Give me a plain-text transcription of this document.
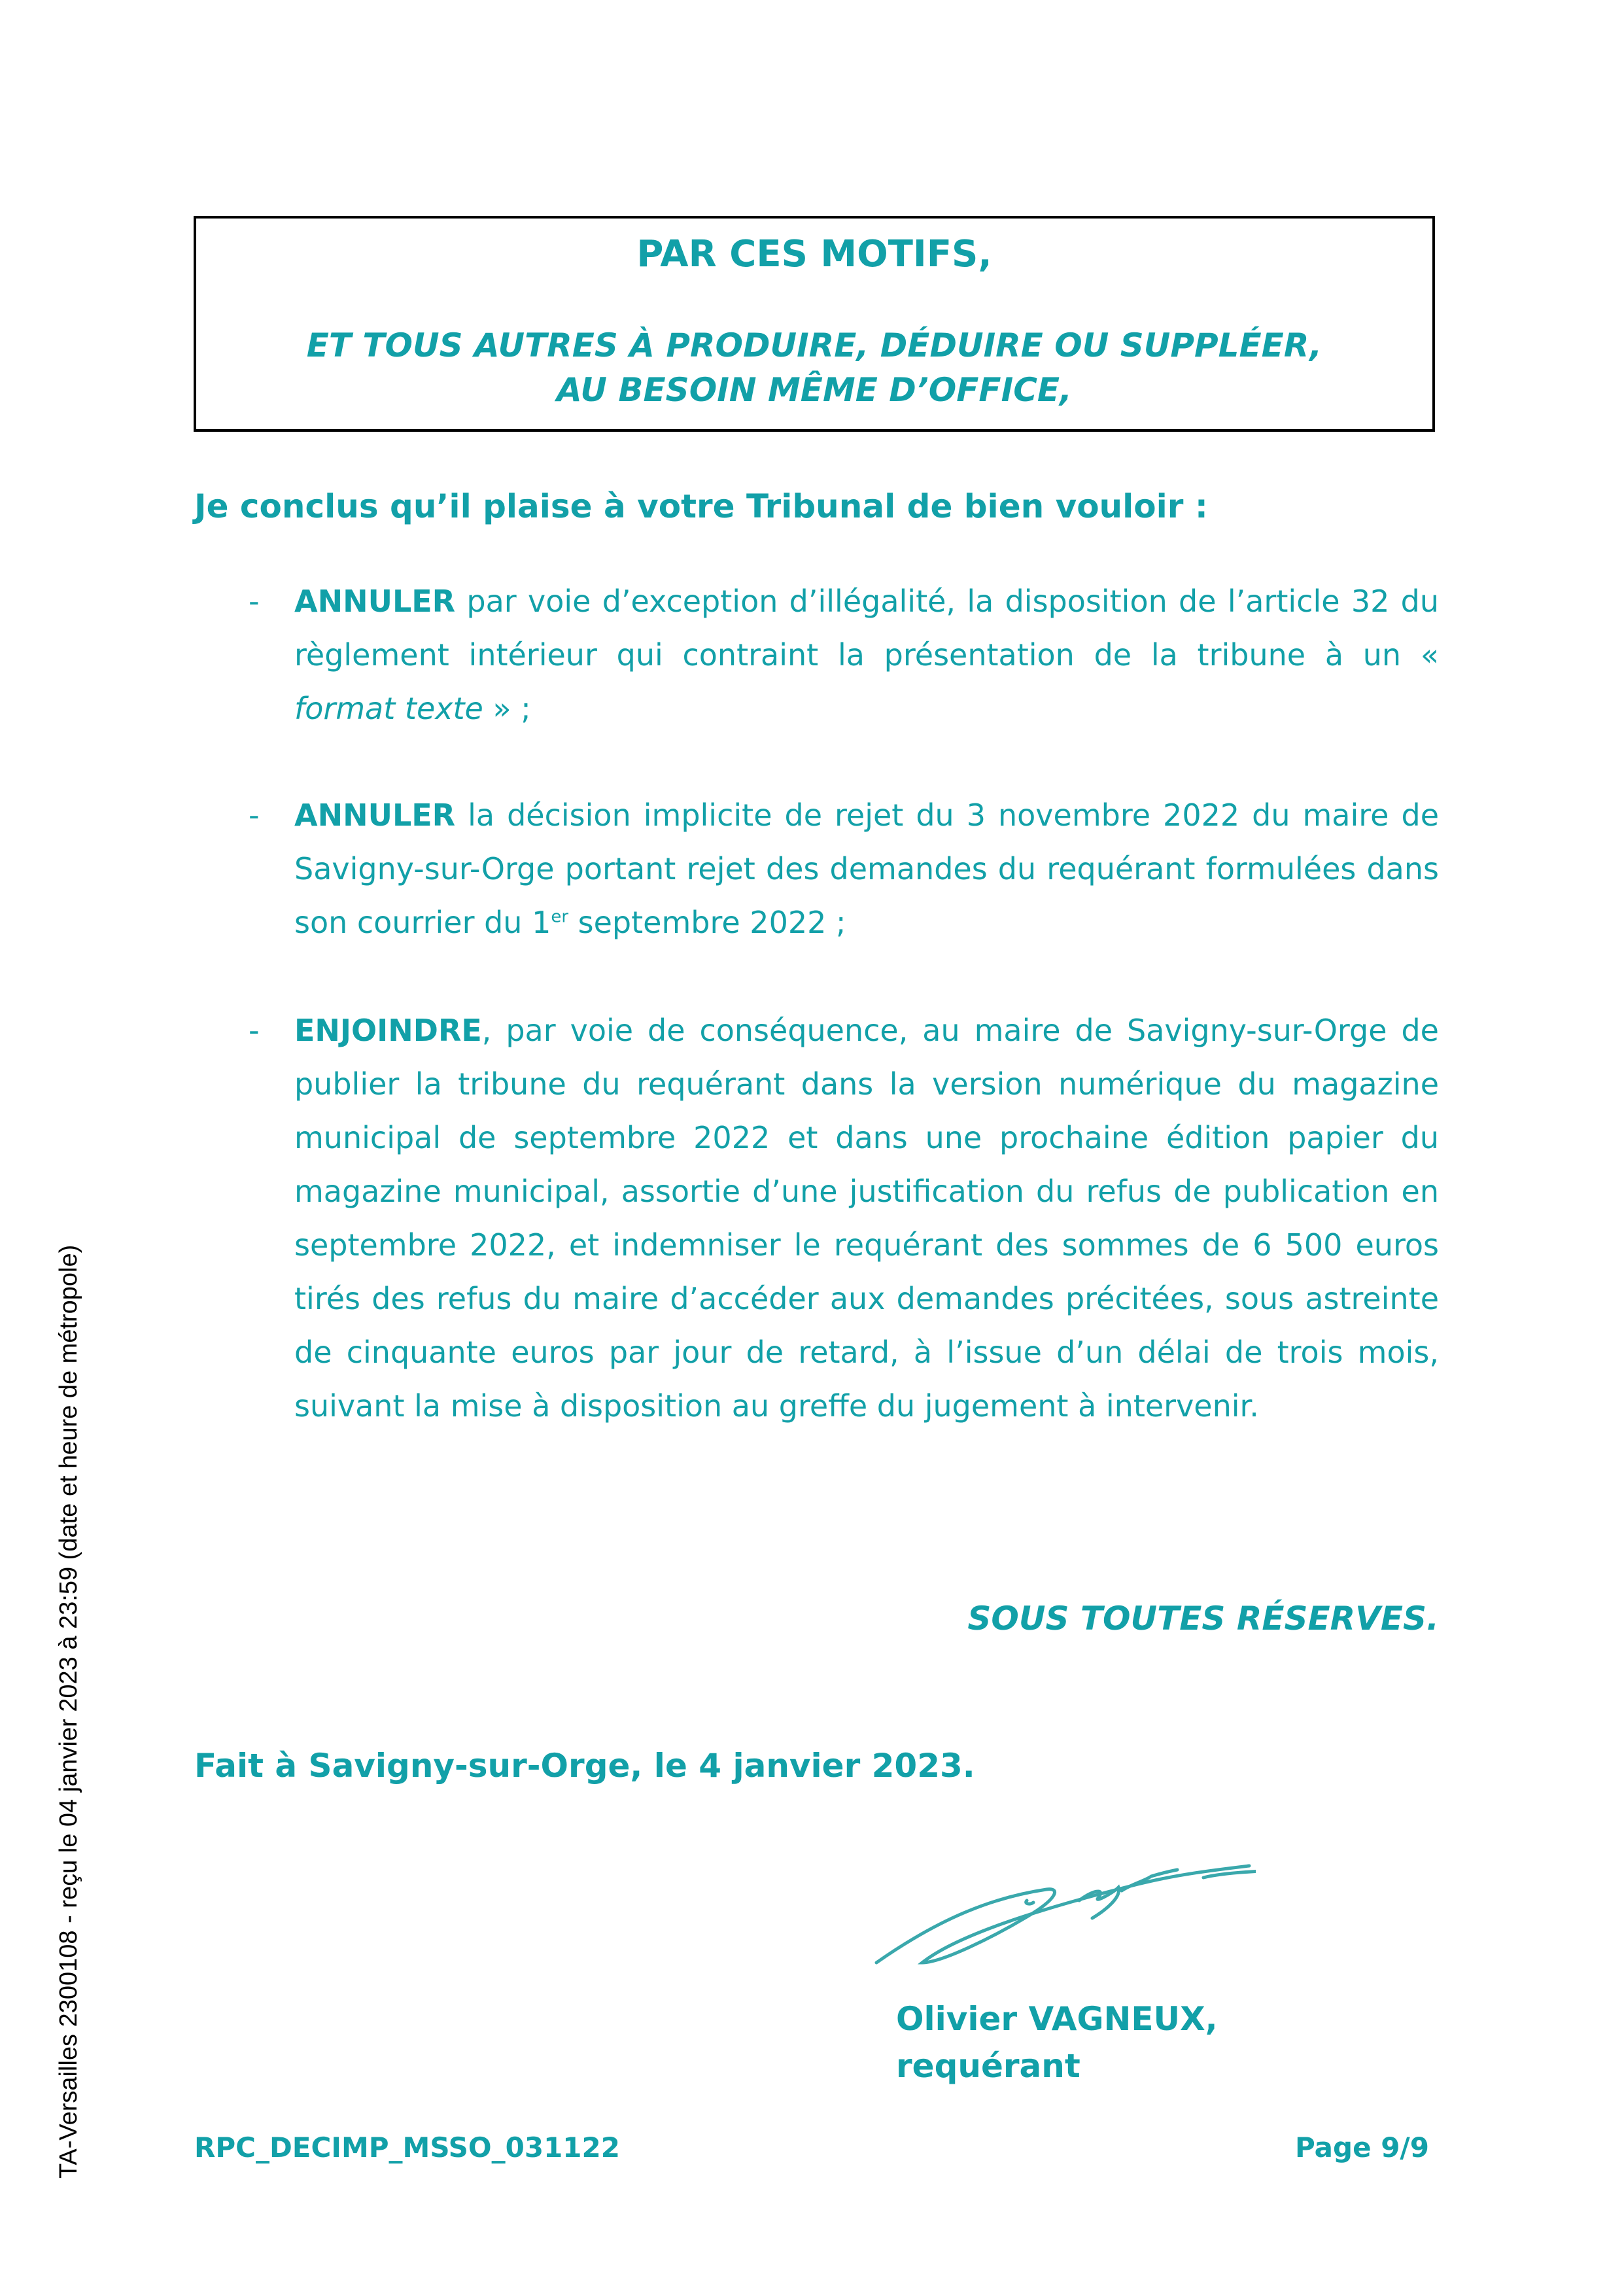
PAR CES MOTIFS,
ET TOUS AUTRES À PRODUIRE, DÉDUIRE OU SUPPLÉER,
AU BESOIN MÊME D’OFFICE,
Je conclus qu’il plaise à votre Tribunal de bien vouloir :
- ANNULER par voie d’exception d’illégalité, la disposition de l’article 32 du règlement intérieur qui contraint la présentation de la tribune à un « format texte » ;
- ANNULER la décision implicite de rejet du 3 novembre 2022 du maire de Savigny-sur-Orge portant rejet des demandes du requérant formulées dans son courrier du 1er septembre 2022 ;
- ENJOINDRE, par voie de conséquence, au maire de Savigny-sur-Orge de publier la tribune du requérant dans la version numérique du magazine municipal de septembre 2022 et dans une prochaine édition papier du magazine municipal, assortie d’une justification du refus de publication en septembre 2022, et indemniser le requérant des sommes de 6 500 euros tirés des refus du maire d’accéder aux demandes précitées, sous astreinte de cinquante euros par jour de retard, à l’issue d’un délai de trois mois, suivant la mise à disposition au greffe du jugement à intervenir.
SOUS TOUTES RÉSERVES.
Fait à Savigny-sur-Orge, le 4 janvier 2023.
Olivier VAGNEUX,
requérant
RPC_DECIMP_MSSO_031122	Page 9/9
TA-Versailles 2300108 - reçu le 04 janvier 2023 à 23:59 (date et heure de métropole)
